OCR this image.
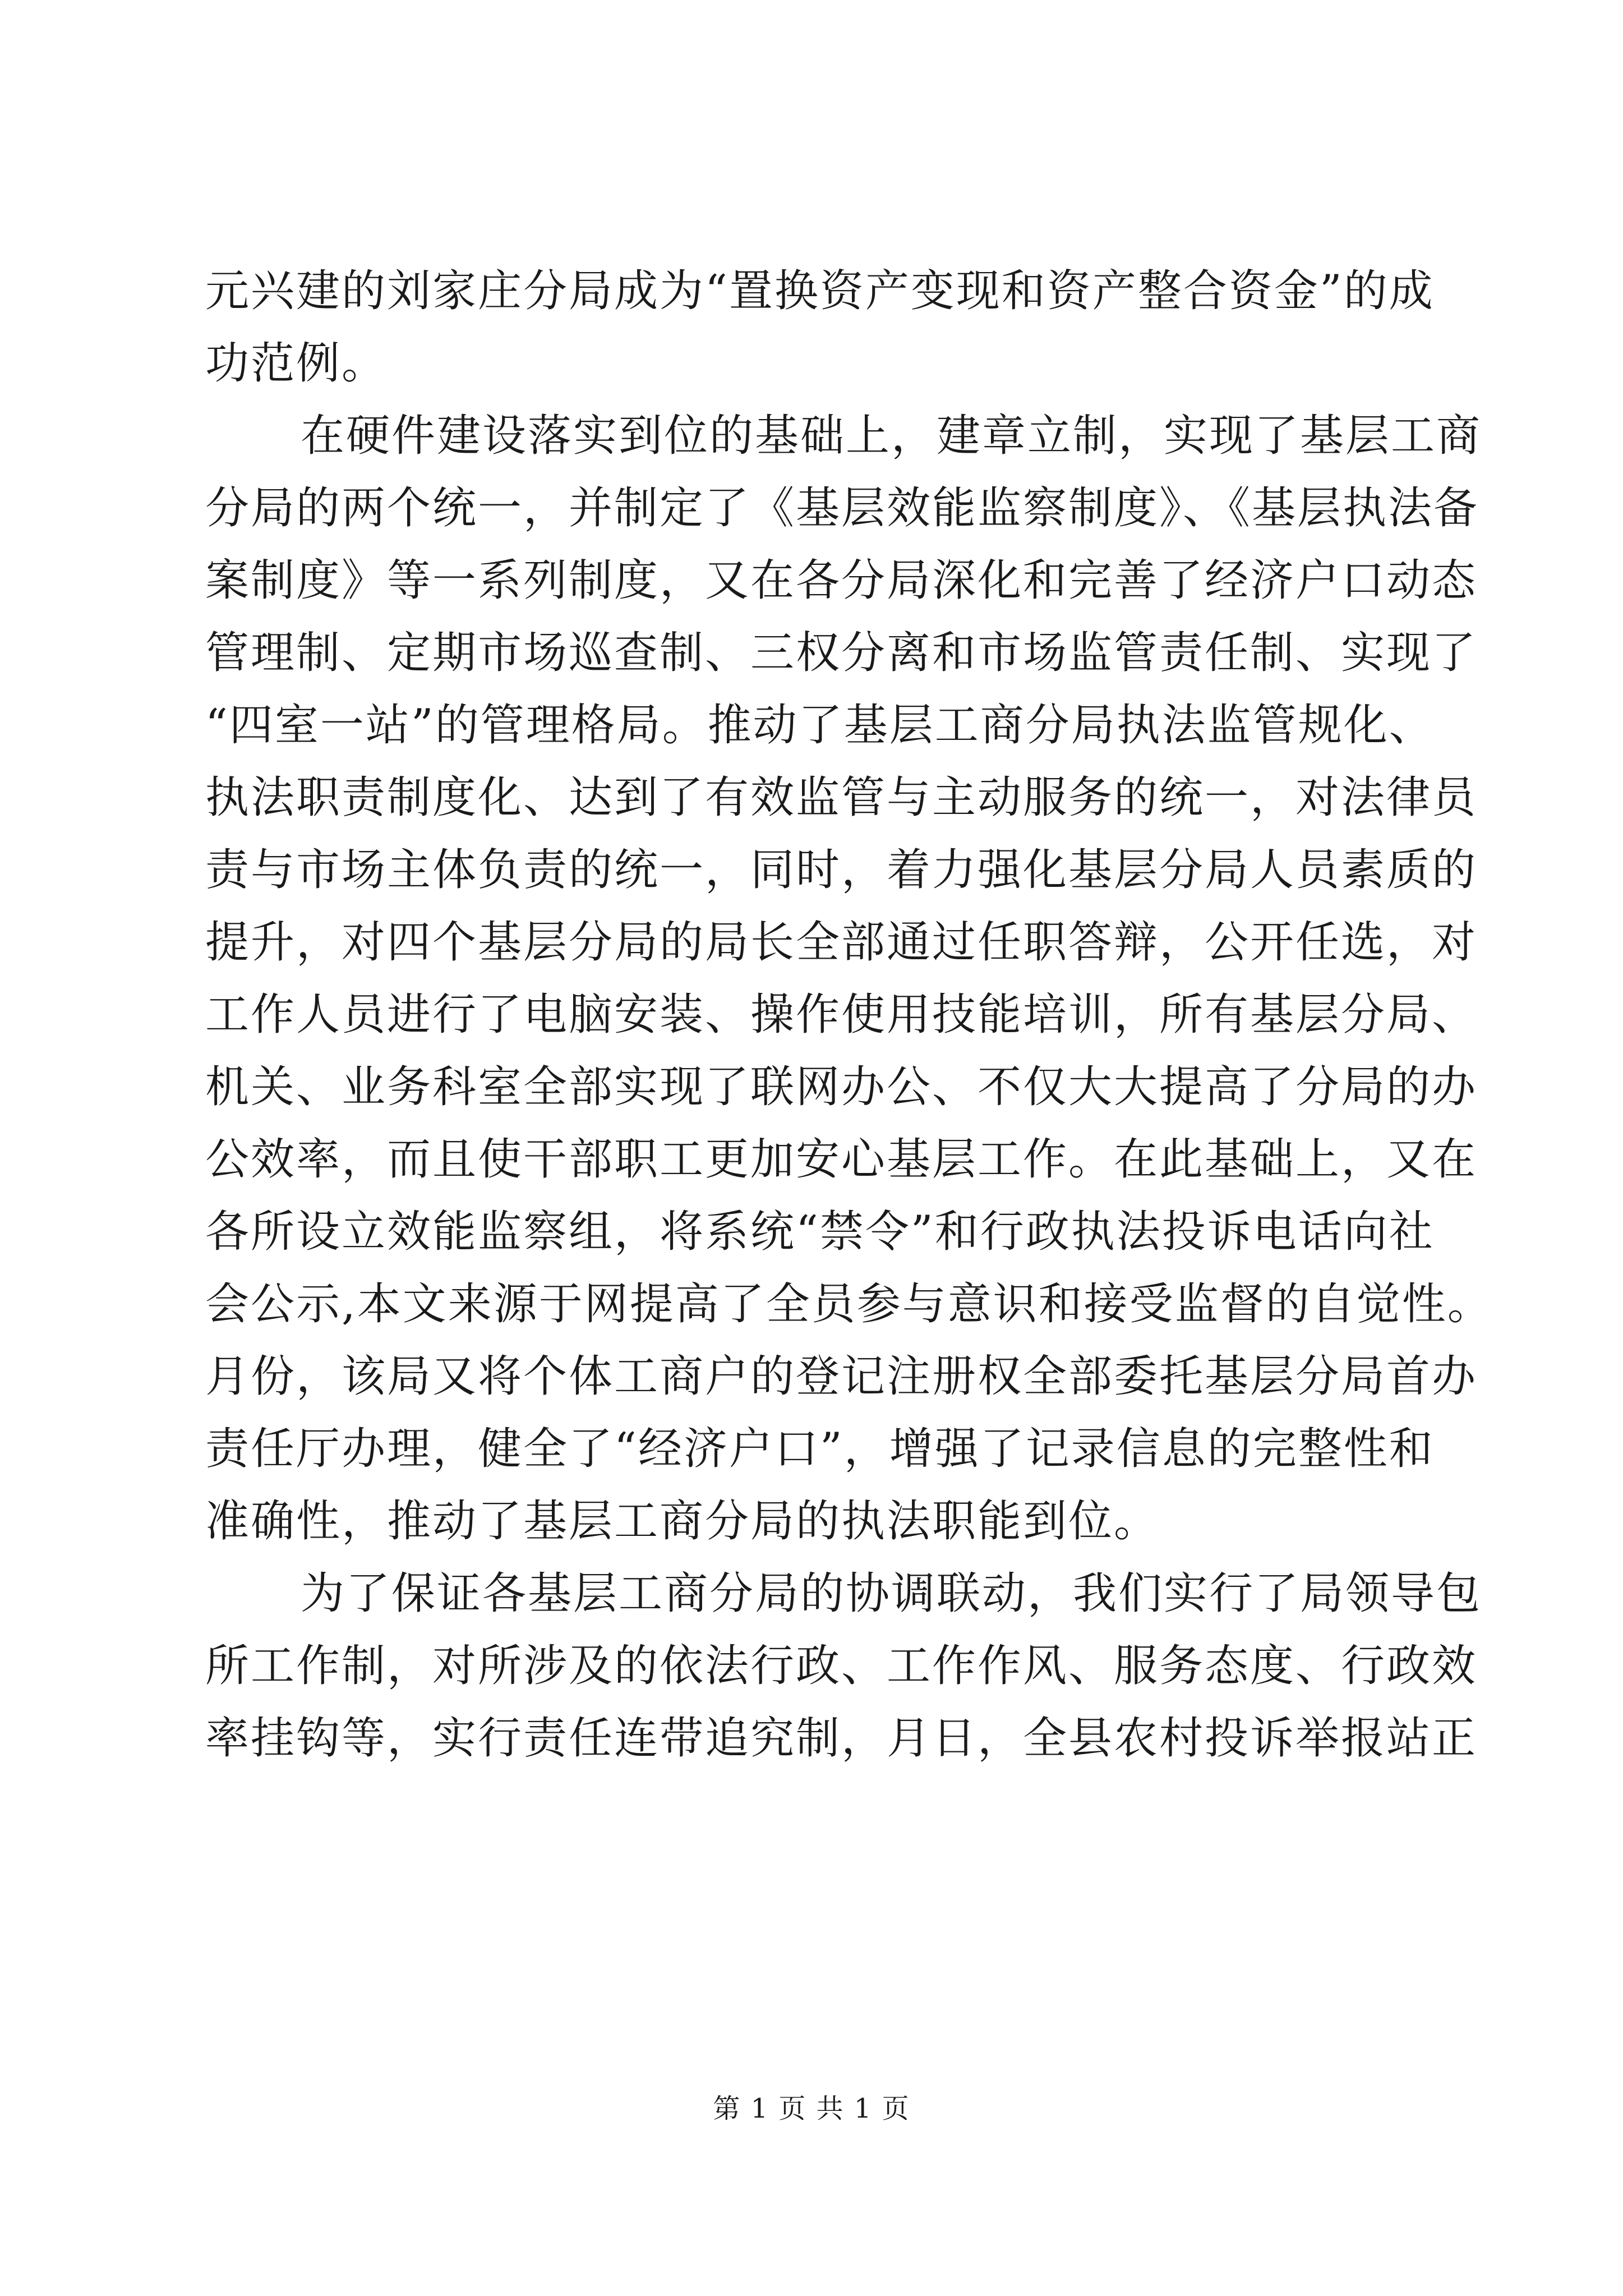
元兴建的刘家庄分局成为“置换资产变现和资产整合资金”的成
功范例。
在硬件建设落实到位的基础上，建章立制，实现了基层工商
分局的两个统一，并制定了《基层效能监察制度》、《基层执法备
案制度》等一系列制度，又在各分局深化和完善了经济户口动态
管理制、定期市场巡查制、三权分离和市场监管责任制、实现了
“四室一站”的管理格局。推动了基层工商分局执法监管规化、
执法职责制度化、达到了有效监管与主动服务的统一，对法律员
责与市场主体负责的统一，同时，着力强化基层分局人员素质的
提升，对四个基层分局的局长全部通过任职答辩，公开任选，对
工作人员进行了电脑安装、操作使用技能培训，所有基层分局、
机关、业务科室全部实现了联网办公、不仅大大提高了分局的办
公效率，而且使干部职工更加安心基层工作。在此基础上，又在
各所设立效能监察组，将系统“禁令”和行政执法投诉电话向社
会公示,本文来源于网提高了全员参与意识和接受监督的自觉性。
月份，该局又将个体工商户的登记注册权全部委托基层分局首办
责任厅办理，健全了“经济户口”，增强了记录信息的完整性和
准确性，推动了基层工商分局的执法职能到位。
为了保证各基层工商分局的协调联动，我们实行了局领导包
所工作制，对所涉及的依法行政、工作作风、服务态度、行政效
率挂钩等，实行责任连带追究制，月日，全县农村投诉举报站正
第 1 页 共 1 页
